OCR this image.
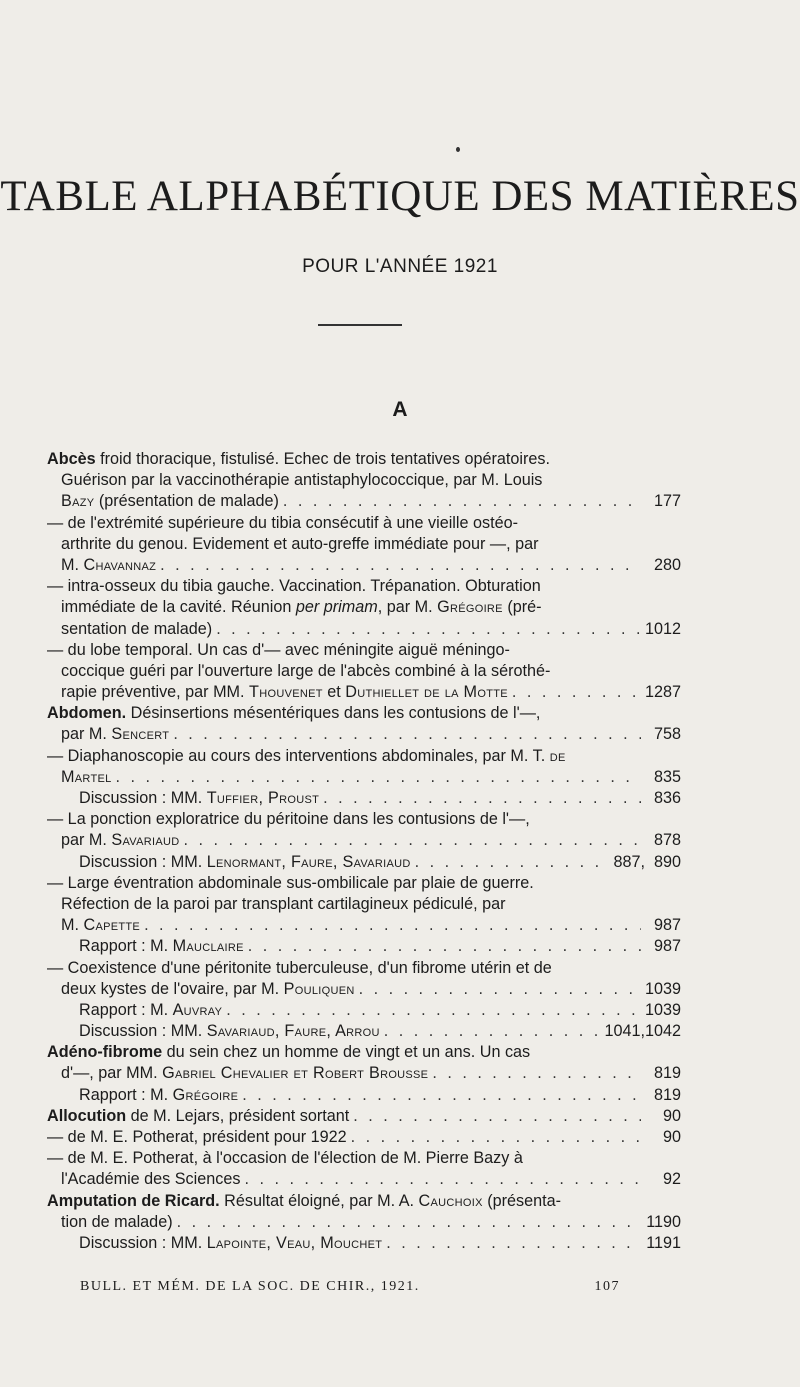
TABLE ALPHABÉTIQUE DES MATIÈRES
POUR L'ANNÉE 1921
A
Abcès froid thoracique, fistulisé. Echec de trois tentatives opératoires.
Guérison par la vaccinothérapie antistaphylococcique, par M. Louis
Bazy (présentation de malade) . . .	177
— de l'extrémité supérieure du tibia consécutif à une vieille ostéo-
arthrite du genou. Evidement et auto-greffe immédiate pour —, par
M. Chavannaz . . .	280
— intra-osseux du tibia gauche. Vaccination. Trépanation. Obturation
immédiate de la cavité. Réunion per primam, par M. Grégoire (pré-
sentation de malade) . . .	1012
— du lobe temporal. Un cas d'— avec méningite aiguë méningo-
coccique guéri par l'ouverture large de l'abcès combiné à la sérothé-
rapie préventive, par MM. Thouvenet et Duthiellet de la Motte . . .	1287
Abdomen. Désinsertions mésentériques dans les contusions de l'—,
par M. Sencert . . .	758
— Diaphanoscopie au cours des interventions abdominales, par M. T. de
Martel . . .	835
Discussion : MM. Tuffier, Proust . . .	836
— La ponction exploratrice du péritoine dans les contusions de l'—,
par M. Savariaud . . .	878
Discussion : MM. Lenormant, Faure, Savariaud . . .	887, 890
— Large éventration abdominale sus-ombilicale par plaie de guerre.
Réfection de la paroi par transplant cartilagineux pédiculé, par
M. Capette . . .	987
Rapport : M. Mauclaire . . .	987
— Coexistence d'une péritonite tuberculeuse, d'un fibrome utérin et de
deux kystes de l'ovaire, par M. Pouliquen . . .	1039
Rapport : M. Auvray . . .	1039
Discussion : MM. Savariaud, Faure, Arrou . . .	1041, 1042
Adéno-fibrome du sein chez un homme de vingt et un ans. Un cas
d'—, par MM. Gabriel Chevalier et Robert Brousse . . .	819
Rapport : M. Grégoire . . .	819
Allocution de M. Lejars, président sortant . . .	90
— de M. E. Potherat, président pour 1922 . . .	90
— de M. E. Potherat, à l'occasion de l'élection de M. Pierre Bazy à
l'Académie des Sciences . . .	92
Amputation de Ricard. Résultat éloigné, par M. A. Cauchoix (présenta-
tion de malade) . . .	1190
Discussion : MM. Lapointe, Veau, Mouchet . . .	1191
BULL. ET MÉM. DE LA SOC. DE CHIR., 1921.	107
